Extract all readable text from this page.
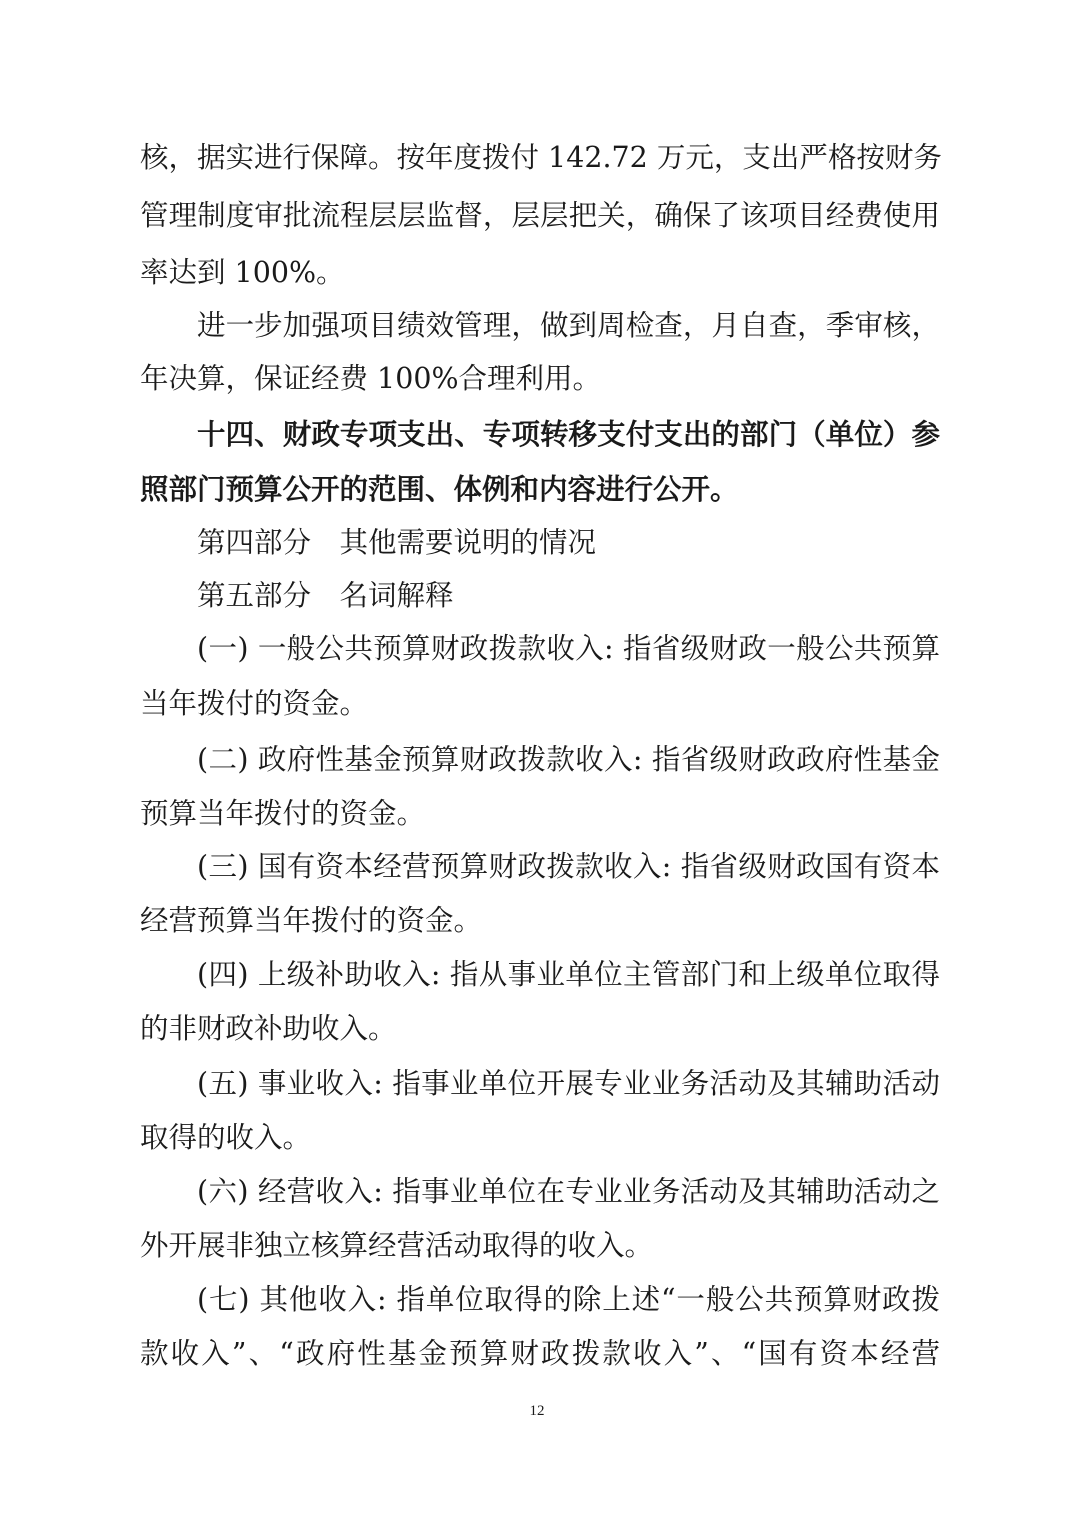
核，据实进行保障。按年度拨付 142.72 万元，支出严格按财务
管理制度审批流程层层监督，层层把关，确保了该项目经费使用
率达到 100%。
进一步加强项目绩效管理，做到周检查，月自查，季审核，
年决算，保证经费 100%合理利用。
十四、财政专项支出、专项转移支付支出的部门（单位）参
照部门预算公开的范围、体例和内容进行公开。
第四部分　其他需要说明的情况
第五部分　名词解释
(一) 一般公共预算财政拨款收入: 指省级财政一般公共预算
当年拨付的资金。
(二) 政府性基金预算财政拨款收入: 指省级财政政府性基金
预算当年拨付的资金。
(三) 国有资本经营预算财政拨款收入: 指省级财政国有资本
经营预算当年拨付的资金。
(四) 上级补助收入: 指从事业单位主管部门和上级单位取得
的非财政补助收入。
(五) 事业收入: 指事业单位开展专业业务活动及其辅助活动
取得的收入。
(六) 经营收入: 指事业单位在专业业务活动及其辅助活动之
外开展非独立核算经营活动取得的收入。
(七) 其他收入: 指单位取得的除上述“一般公共预算财政拨
款收入”、“政府性基金预算财政拨款收入”、“国有资本经营
12
